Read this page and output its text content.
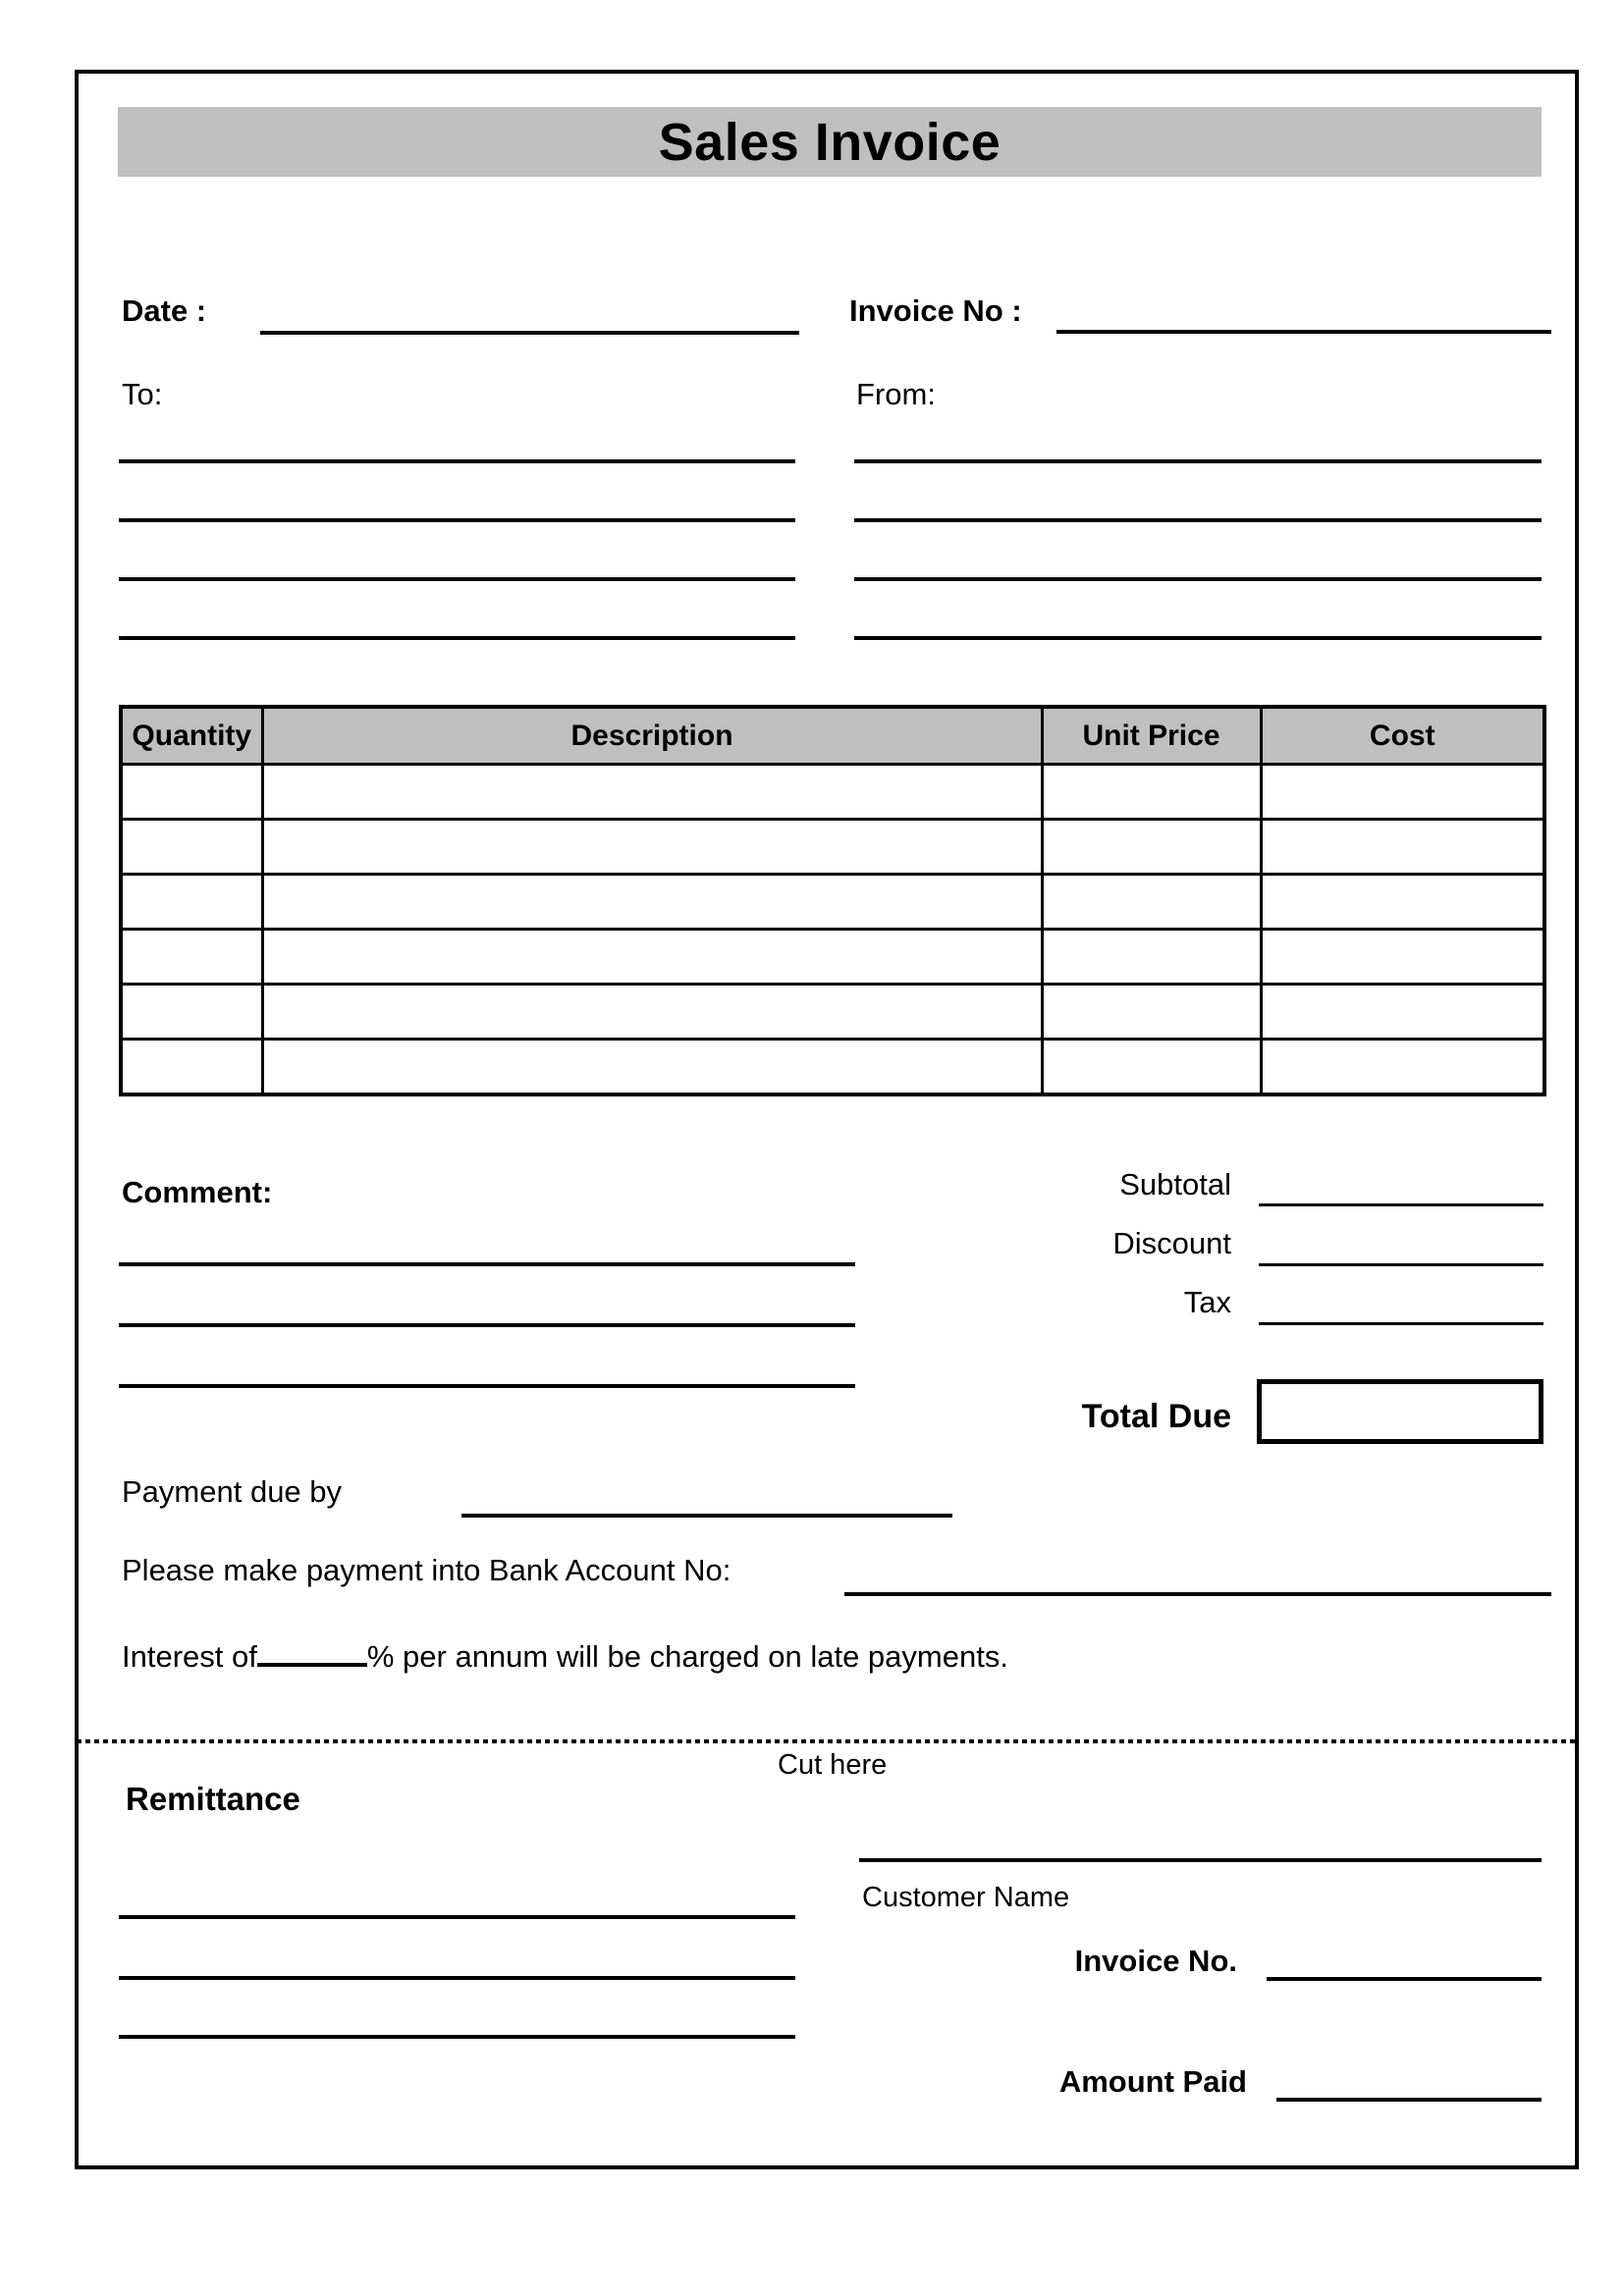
Sales Invoice
Date :	Invoice No :
To:	From:
Quantity	Description	Unit Price	Cost

Comment:	Subtotal
Discount
Tax
Total Due
Payment due by
Please make payment into Bank Account No:
Interest of	% per annum will be charged on late payments.
Cut here
Remittance
Customer Name
Invoice No.
Amount Paid
